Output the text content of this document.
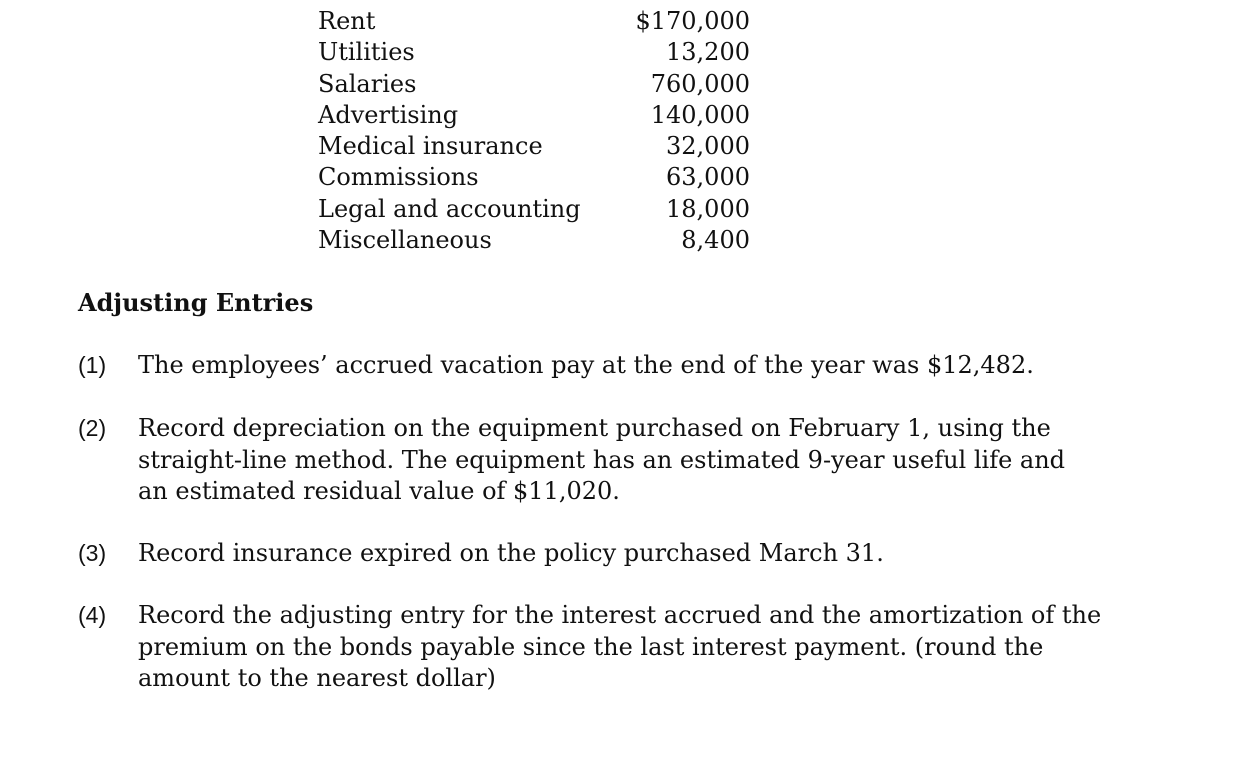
Rent	$170,000
Utilities	13,200
Salaries	760,000
Advertising	140,000
Medical insurance	32,000
Commissions	63,000
Legal and accounting	18,000
Miscellaneous	8,400
Adjusting Entries
(1) The employees’ accrued vacation pay at the end of the year was $12,482.
(2) Record depreciation on the equipment purchased on February 1, using the
straight-line method. The equipment has an estimated 9-year useful life and
an estimated residual value of $11,020.
(3) Record insurance expired on the policy purchased March 31.
(4) Record the adjusting entry for the interest accrued and the amortization of the
premium on the bonds payable since the last interest payment. (round the
amount to the nearest dollar)
